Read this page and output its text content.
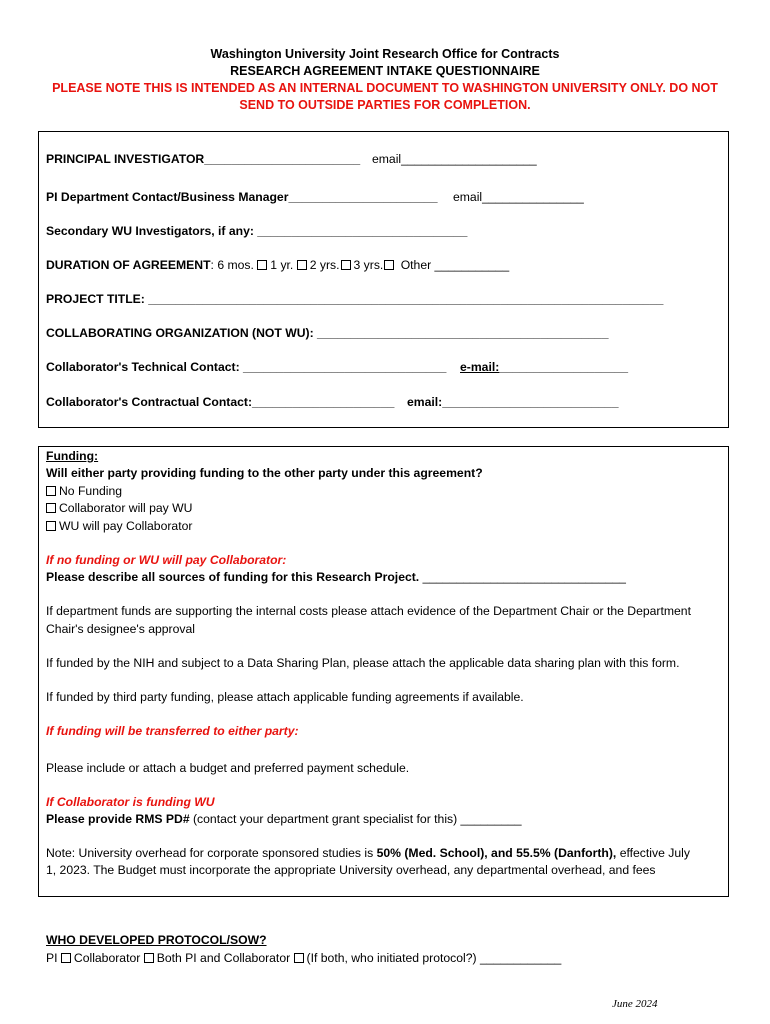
Washington University Joint Research Office for Contracts
RESEARCH AGREEMENT INTAKE QUESTIONNAIRE
PLEASE NOTE THIS IS INTENDED AS AN INTERNAL DOCUMENT TO WASHINGTON UNIVERSITY ONLY. DO NOT
SEND TO OUTSIDE PARTIES FOR COMPLETION.
PRINCIPAL INVESTIGATOR_______________________ email____________________
PI Department Contact/Business Manager______________________ email_______________
Secondary WU Investigators, if any: _______________________________
DURATION OF AGREEMENT: 6 mos. 1 yr. 2 yrs. 3 yrs. Other ___________
PROJECT TITLE: ____________________________________________________________________________
COLLABORATING ORGANIZATION (NOT WU): ___________________________________________
Collaborator's Technical Contact: ______________________________ e-mail:___________________
Collaborator's Contractual Contact:_____________________ email:__________________________
Funding:
Will either party providing funding to the other party under this agreement?
No Funding
Collaborator will pay WU
WU will pay Collaborator
If no funding or WU will pay Collaborator:
Please describe all sources of funding for this Research Project. ______________________________
If department funds are supporting the internal costs please attach evidence of the Department Chair or the Department
Chair's designee's approval
If funded by the NIH and subject to a Data Sharing Plan, please attach the applicable data sharing plan with this form.
If funded by third party funding, please attach applicable funding agreements if available.
If funding will be transferred to either party:
Please include or attach a budget and preferred payment schedule.
If Collaborator is funding WU
Please provide RMS PD# (contact your department grant specialist for this) _________
Note: University overhead for corporate sponsored studies is 50% (Med. School), and 55.5% (Danforth), effective July
1, 2023. The Budget must incorporate the appropriate University overhead, any departmental overhead, and fees
WHO DEVELOPED PROTOCOL/SOW?
PI Collaborator Both PI and Collaborator (If both, who initiated protocol?) ____________
June 2024
